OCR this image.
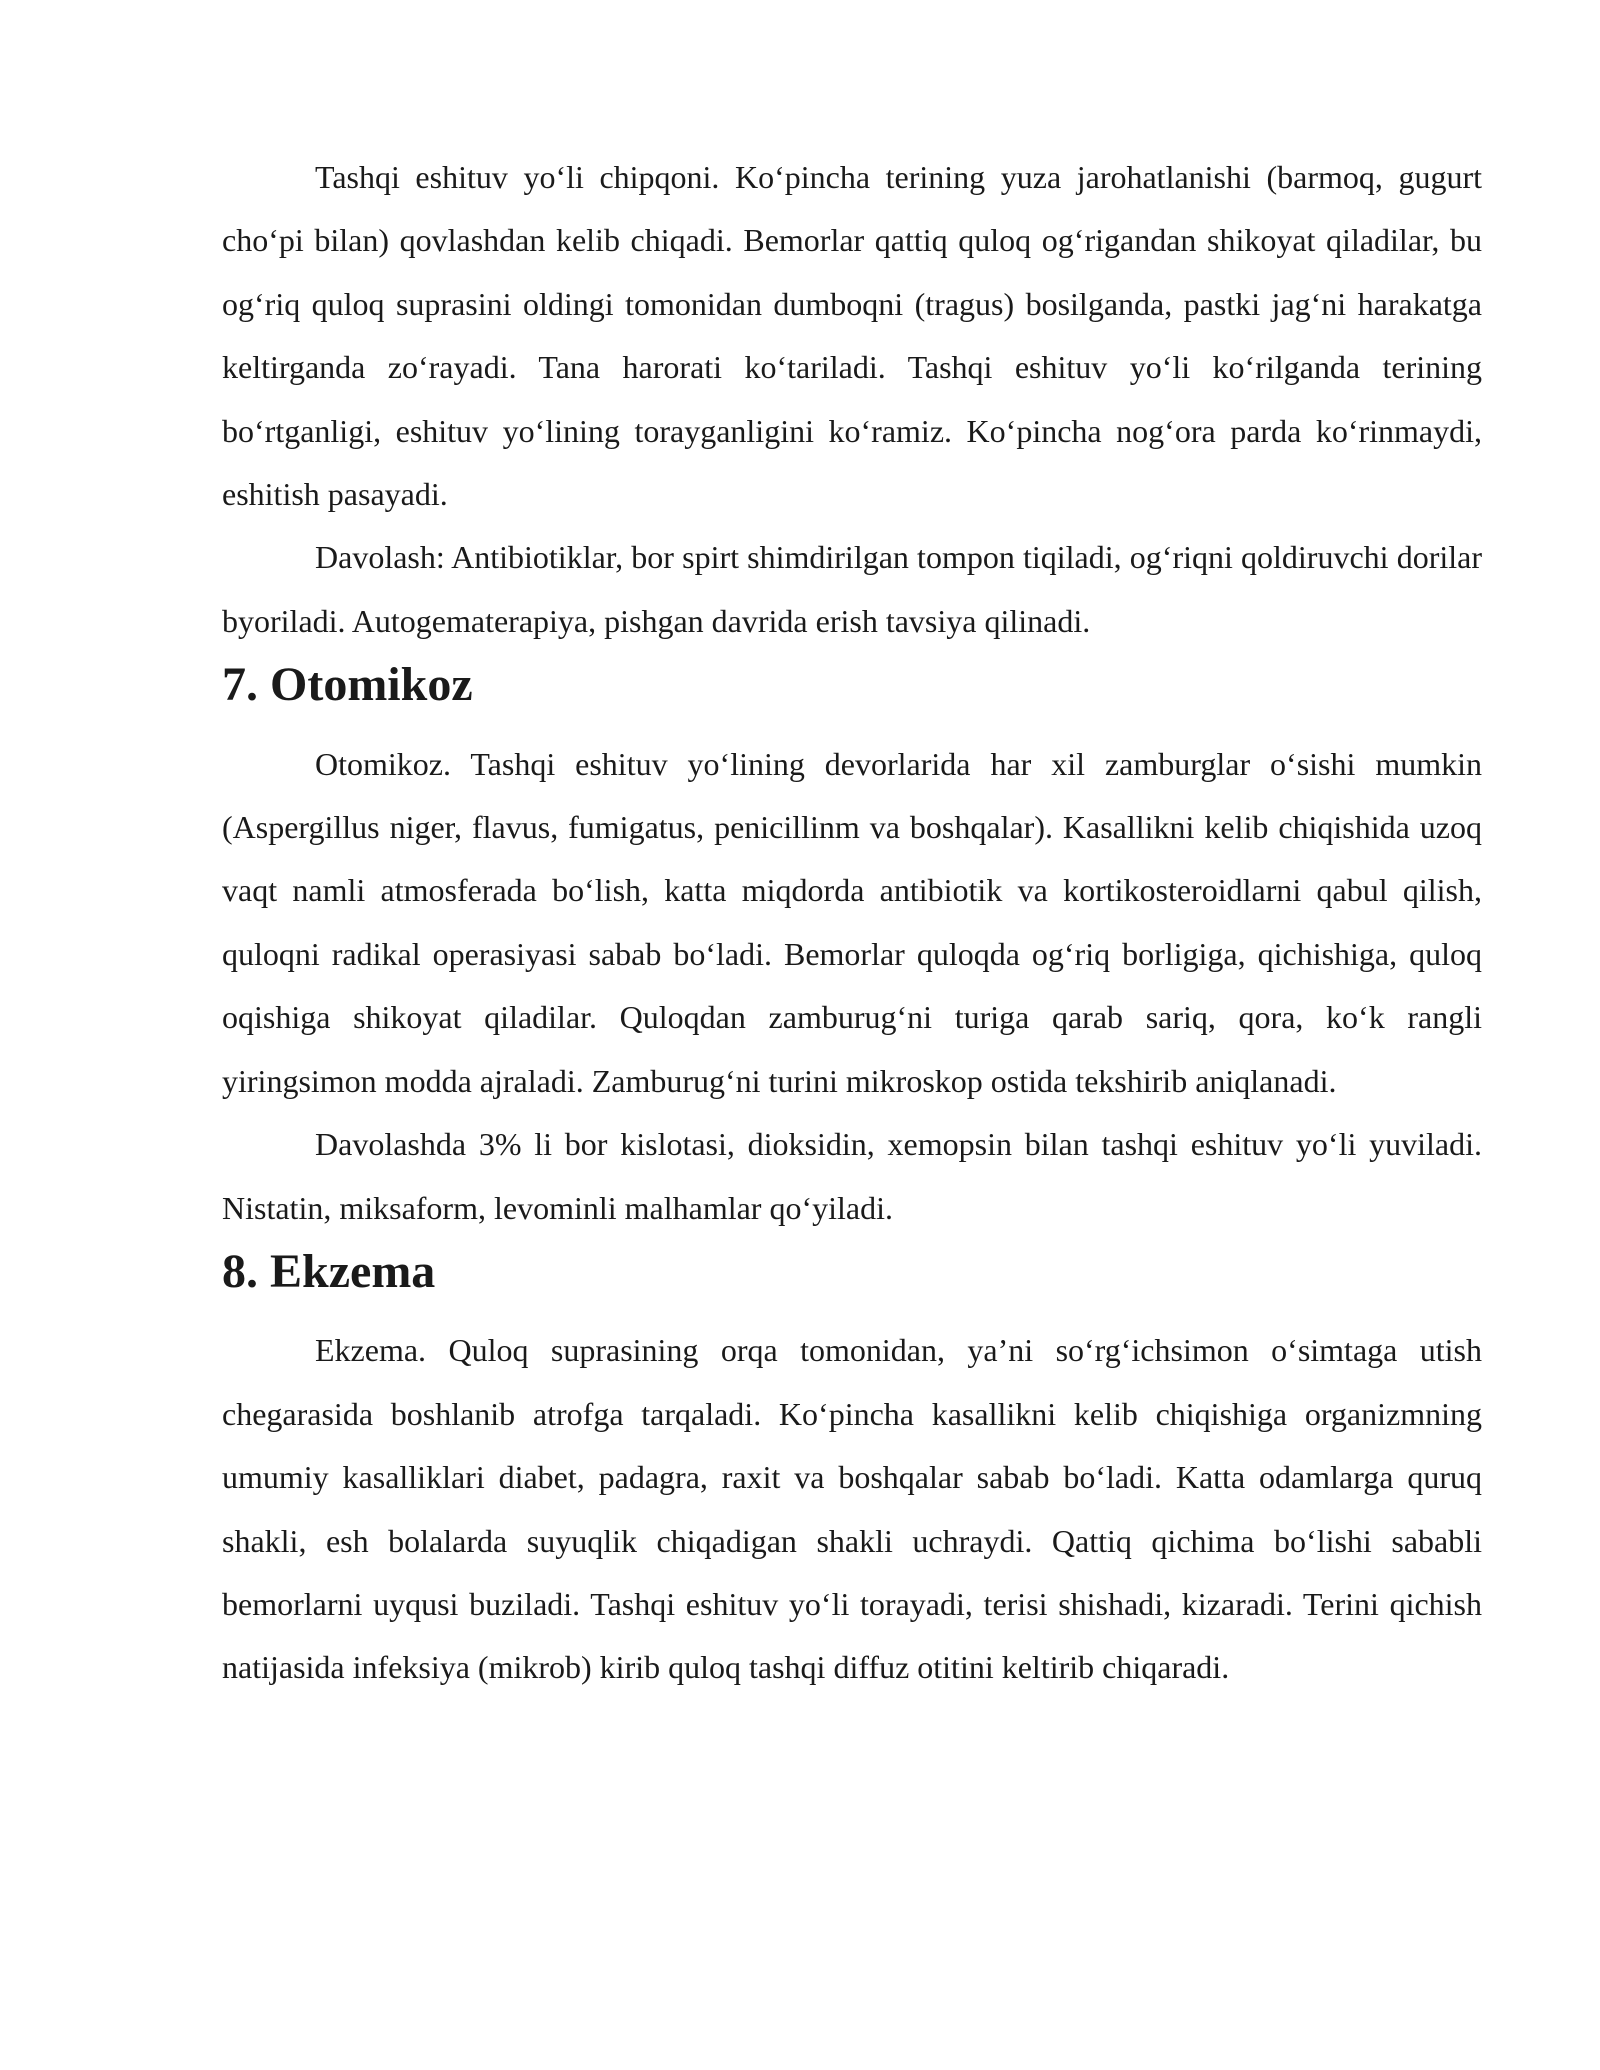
Tashqi eshituv yo‘li chipqoni. Ko‘pincha terining yuza jarohatlanishi (barmoq, gugurt cho‘pi bilan) qovlashdan kelib chiqadi. Bemorlar qattiq quloq og‘rigandan shikoyat qiladilar, bu og‘riq quloq suprasini oldingi tomonidan dumboqni (tragus) bosilganda, pastki jag‘ni harakatga keltirganda zo‘rayadi. Tana harorati ko‘tariladi. Tashqi eshituv yo‘li ko‘rilganda terining bo‘rtganligi, eshituv yo‘lining torayganligini ko‘ramiz. Ko‘pincha nog‘ora parda ko‘rinmaydi, eshitish pasayadi.

Davolash: Antibiotiklar, bor spirt shimdirilgan tompon tiqiladi, og‘riqni qoldiruvchi dorilar byoriladi. Autogematerapiya, pishgan davrida erish tavsiya qilinadi.

7. Otomikoz

Otomikoz. Tashqi eshituv yo‘lining devorlarida har xil zamburglar o‘sishi mumkin (Aspergillus niger, flavus, fumigatus, penicillinm va boshqalar). Kasallikni kelib chiqishida uzoq vaqt namli atmosferada bo‘lish, katta miqdorda antibiotik va kortikosteroidlarni qabul qilish, quloqni radikal operasiyasi sabab bo‘ladi. Bemorlar quloqda og‘riq borligiga, qichishiga, quloq oqishiga shikoyat qiladilar. Quloqdan zamburug‘ni turiga qarab sariq, qora, ko‘k rangli yiringsimon modda ajraladi. Zamburug‘ni turini mikroskop ostida tekshirib aniqlanadi.

Davolashda 3% li bor kislotasi, dioksidin, xemopsin bilan tashqi eshituv yo‘li yuviladi. Nistatin, miksaform, levominli malhamlar qo‘yiladi.

8. Ekzema

Ekzema. Quloq suprasining orqa tomonidan, ya’ni so‘rg‘ichsimon o‘simtaga utish chegarasida boshlanib atrofga tarqaladi. Ko‘pincha kasallikni kelib chiqishiga organizmning umumiy kasalliklari diabet, padagra, raxit va boshqalar sabab bo‘ladi. Katta odamlarga quruq shakli, esh bolalarda suyuqlik chiqadigan shakli uchraydi. Qattiq qichima bo‘lishi sababli bemorlarni uyqusi buziladi. Tashqi eshituv yo‘li torayadi, terisi shishadi, kizaradi. Terini qichish natijasida infeksiya (mikrob) kirib quloq tashqi diffuz otitini keltirib chiqaradi.
